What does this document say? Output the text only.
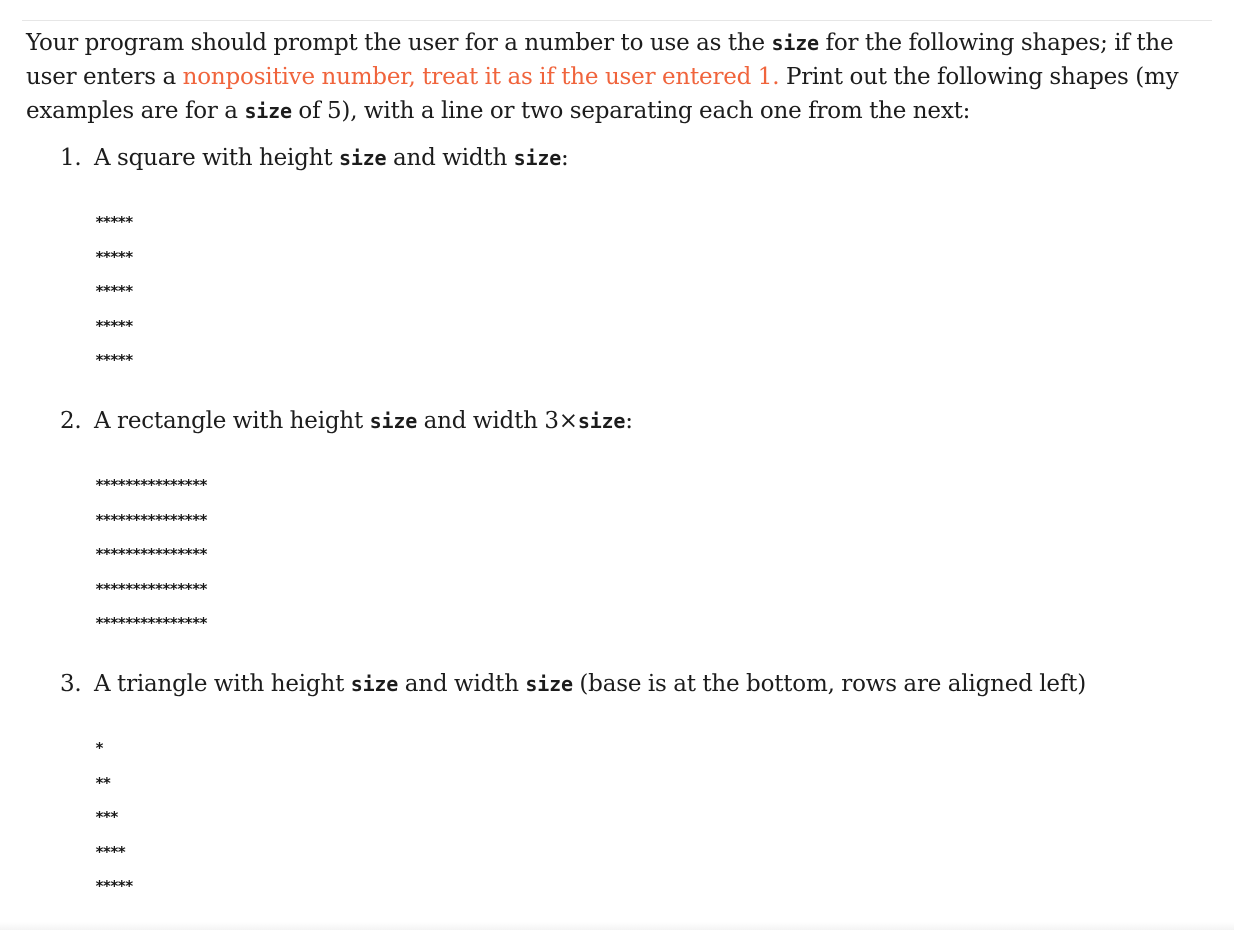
Your program should prompt the user for a number to use as the size for the following shapes; if the user enters a nonpositive number, treat it as if the user entered 1. Print out the following shapes (my examples are for a size of 5), with a line or two separating each one from the next:

1. A square with height size and width size:

*****
*****
*****
*****
*****

2. A rectangle with height size and width 3×size:

***************
***************
***************
***************
***************

3. A triangle with height size and width size (base is at the bottom, rows are aligned left)

*
**
***
****
*****
